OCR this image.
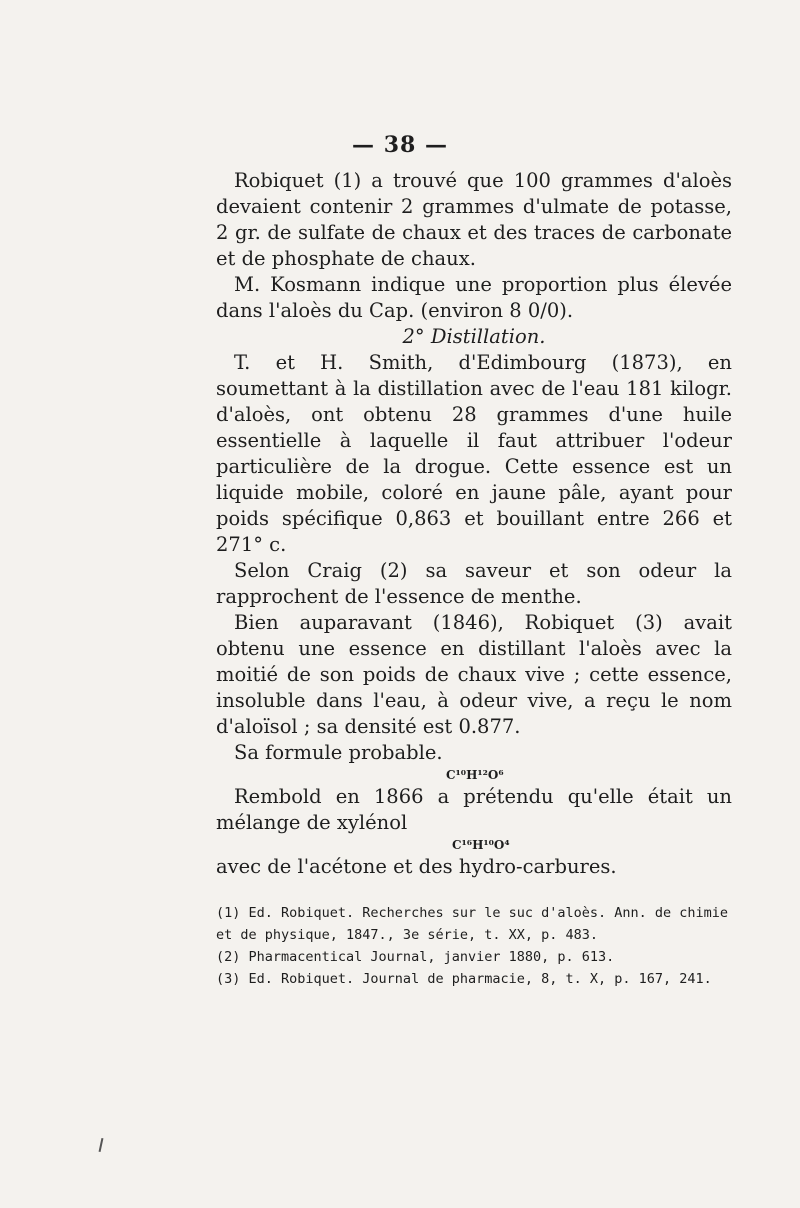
— 38 —

Robiquet (1) a trouvé que 100 grammes d'aloès devaient contenir 2 grammes d'ulmate de potasse, 2 gr. de sulfate de chaux et des traces de carbonate et de phosphate de chaux.

M. Kosmann indique une proportion plus élevée dans l'aloès du Cap. (environ 8 0/0).

2° Distillation.

T. et H. Smith, d'Edimbourg (1873), en soumettant à la distillation avec de l'eau 181 kilogr. d'aloès, ont obtenu 28 grammes d'une huile essentielle à laquelle il faut attribuer l'odeur particulière de la drogue. Cette essence est un liquide mobile, coloré en jaune pâle, ayant pour poids spécifique 0,863 et bouillant entre 266 et 271° c.

Selon Craig (2) sa saveur et son odeur la rapprochent de l'essence de menthe.

Bien auparavant (1846), Robiquet (3) avait obtenu une essence en distillant l'aloès avec la moitié de son poids de chaux vive ; cette essence, insoluble dans l'eau, à odeur vive, a reçu le nom d'aloïsol ; sa densité est 0.877.

Sa formule probable.

C¹⁰H¹²O⁶

Rembold en 1866 a prétendu qu'elle était un mélange de xylénol

C¹⁶H¹⁰O⁴

avec de l'acétone et des hydro-carbures.

(1) Ed. Robiquet. Recherches sur le suc d'aloès. Ann. de chimie et de physique, 1847., 3e série, t. XX, p. 483.

(2) Pharmacentical Journal, janvier 1880, p. 613.

(3) Ed. Robiquet. Journal de pharmacie, 8, t. X, p. 167, 241.
